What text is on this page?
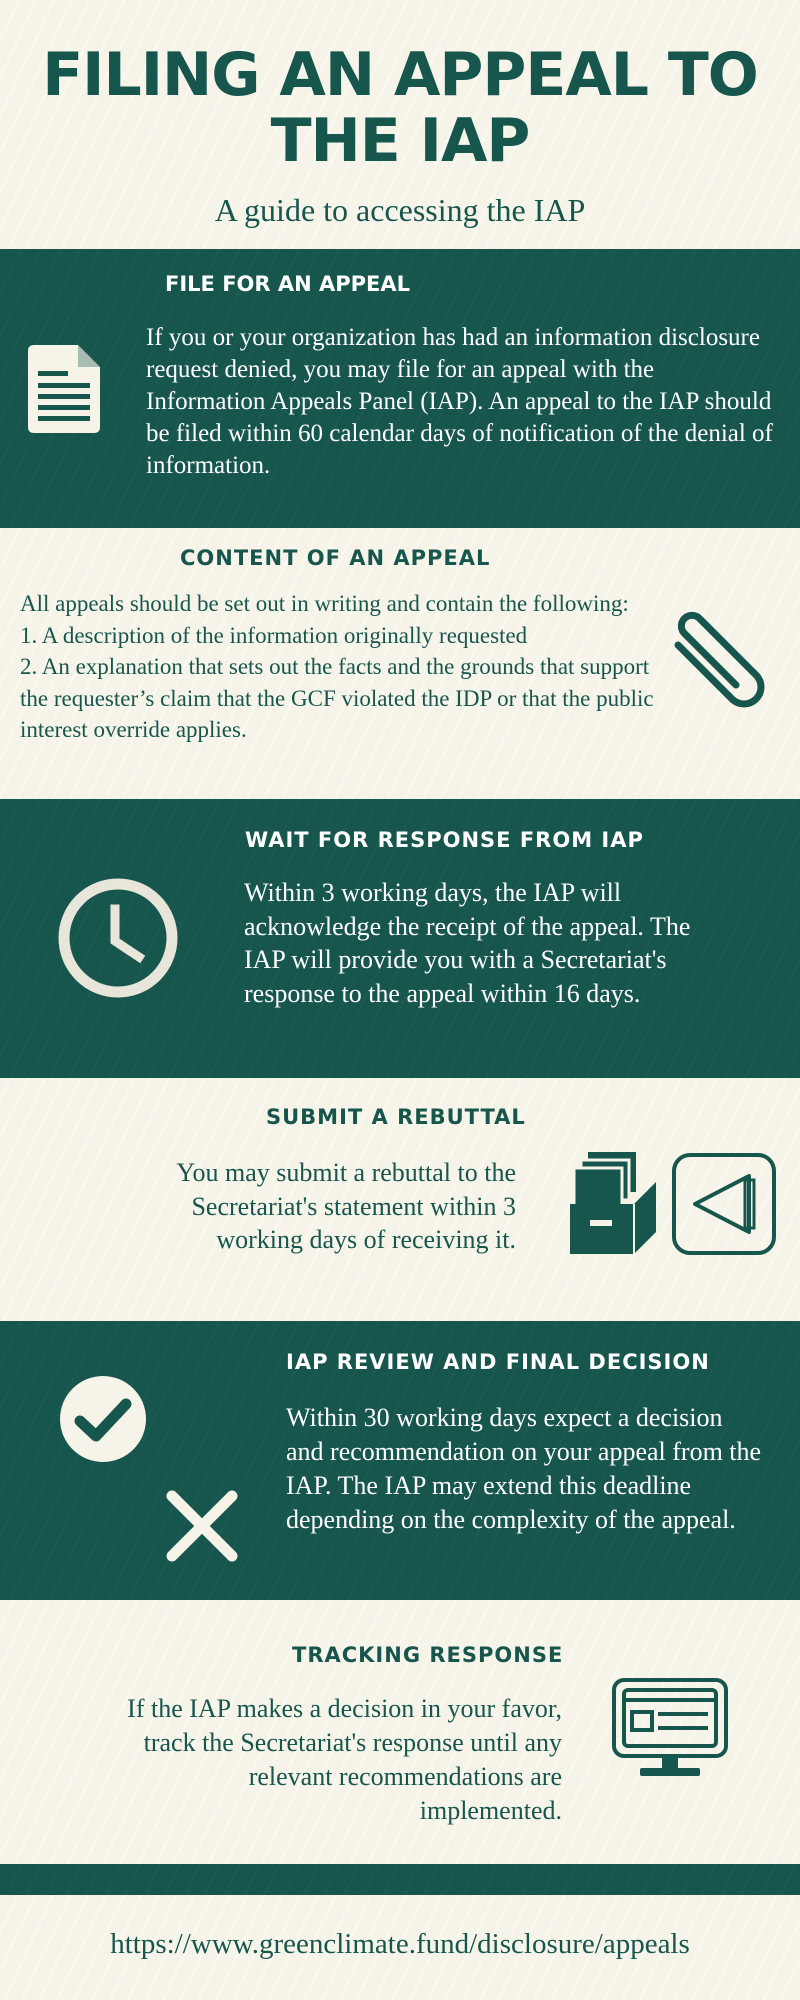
FILING AN APPEAL TO
THE IAP
A guide to accessing the IAP
FILE FOR AN APPEAL
If you or your organization has had an information disclosure request denied, you may file for an appeal with the Information Appeals Panel (IAP). An appeal to the IAP should be filed within 60 calendar days of notification of the denial of information.
CONTENT OF AN APPEAL
All appeals should be set out in writing and contain the following:
1. A description of the information originally requested
2. An explanation that sets out the facts and the grounds that support the requester’s claim that the GCF violated the IDP or that the public interest override applies.
WAIT FOR RESPONSE FROM IAP
Within 3 working days, the IAP will acknowledge the receipt of the appeal. The IAP will provide you with a Secretariat's response to the appeal within 16 days.
SUBMIT A REBUTTAL
You may submit a rebuttal to the Secretariat's statement within 3 working days of receiving it.
IAP REVIEW AND FINAL DECISION
Within 30 working days expect a decision and recommendation on your appeal from the IAP. The IAP may extend this deadline depending on the complexity of the appeal.
TRACKING RESPONSE
If the IAP makes a decision in your favor, track the Secretariat's response until any relevant recommendations are implemented.
https://www.greenclimate.fund/disclosure/appeals
